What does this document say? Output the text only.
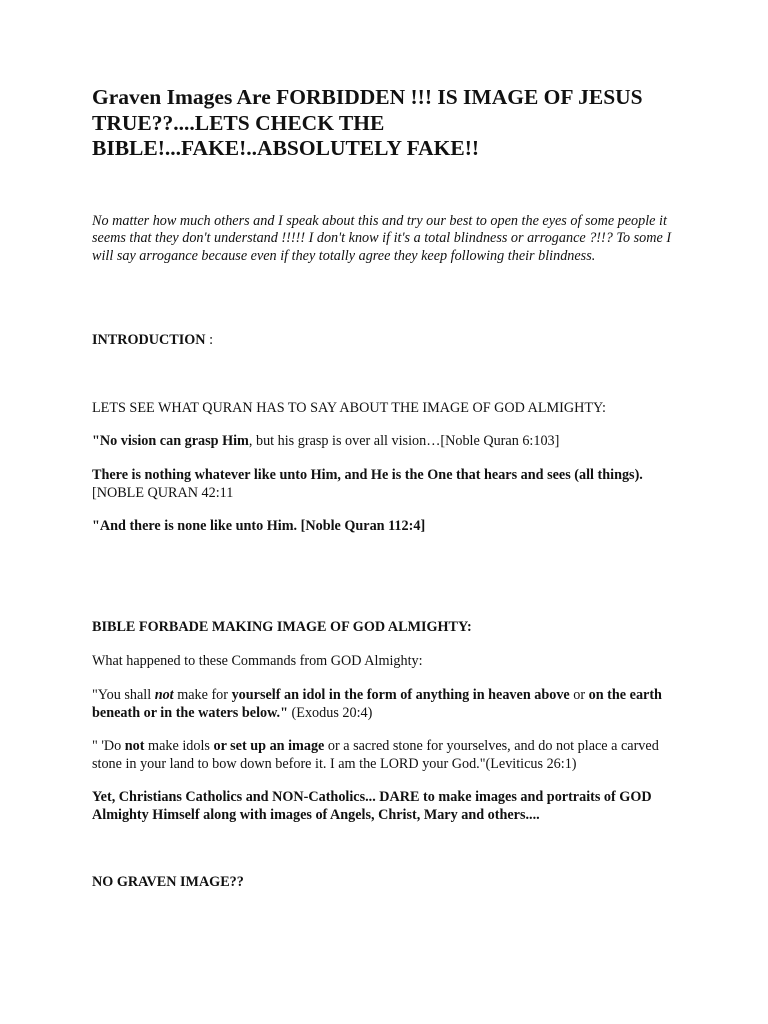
Graven Images Are FORBIDDEN !!! IS IMAGE OF JESUS TRUE??....LETS CHECK THE BIBLE!...FAKE!..ABSOLUTELY FAKE!!

No matter how much others and I speak about this and try our best to open the eyes of some people it seems that they don't understand !!!!! I don't know if it's a total blindness or arrogance ?!!? To some I will say arrogance because even if they totally agree they keep following their blindness.

INTRODUCTION :

LETS SEE WHAT QURAN HAS TO SAY ABOUT THE IMAGE OF GOD ALMIGHTY:

"No vision can grasp Him, but his grasp is over all vision…[Noble Quran 6:103]

There is nothing whatever like unto Him, and He is the One that hears and sees (all things). [NOBLE QURAN 42:11

"And there is none like unto Him. [Noble Quran 112:4]

BIBLE FORBADE MAKING IMAGE OF GOD ALMIGHTY:

What happened to these Commands from GOD Almighty:

"You shall not make for yourself an idol in the form of anything in heaven above or on the earth beneath or in the waters below." (Exodus 20:4)

" 'Do not make idols or set up an image or a sacred stone for yourselves, and do not place a carved stone in your land to bow down before it. I am the LORD your God."(Leviticus 26:1)

Yet, Christians Catholics and NON-Catholics... DARE to make images and portraits of GOD Almighty Himself along with images of Angels, Christ, Mary and others....

NO GRAVEN IMAGE??
